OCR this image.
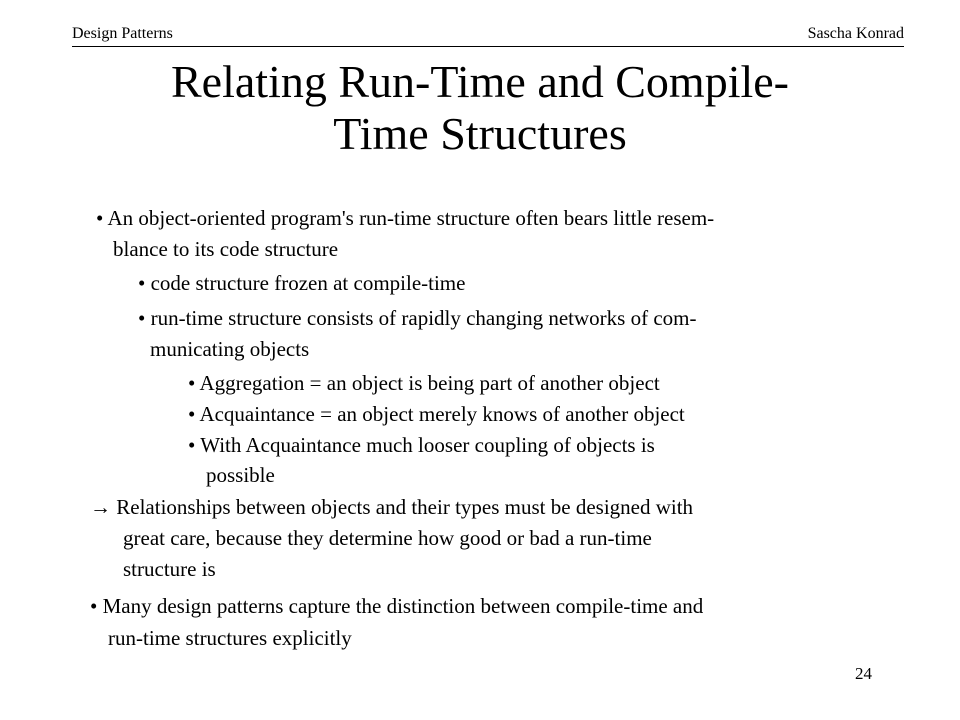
Design Patterns	Sascha Konrad
Relating Run-Time and Compile-
Time Structures
• An object-oriented program's run-time structure often bears little resem-
blance to its code structure
• code structure frozen at compile-time
• run-time structure consists of rapidly changing networks of com-
municating objects
• Aggregation = an object is being part of another object
• Acquaintance = an object merely knows of another object
• With Acquaintance much looser coupling of objects is
possible
→ Relationships between objects and their types must be designed with
great care, because they determine how good or bad a run-time
structure is
• Many design patterns capture the distinction between compile-time and
run-time structures explicitly
24
